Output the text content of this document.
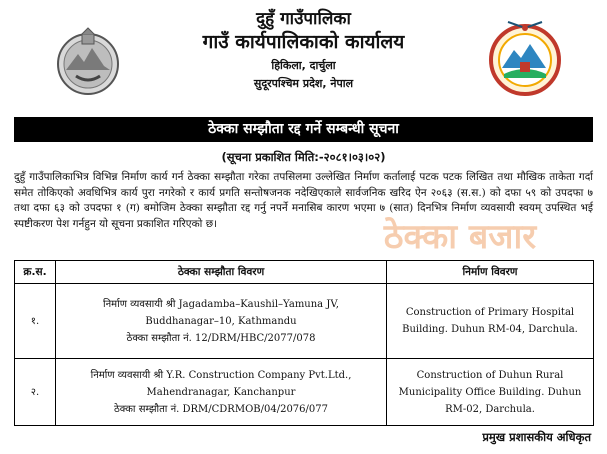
दुहुँ गाउँपालिका
गाउँ कार्यपालिकाको कार्यालय
हिकिला, दार्चुला
सुदूरपश्चिम प्रदेश, नेपाल
ठेक्का सम्झौता रद्द गर्ने सम्बन्धी सूचना
(सूचना प्रकाशित मिति:-२०८१।०३।०२)
दुहुँ गाउँपालिकाभित्र विभिन्न निर्माण कार्य गर्न ठेक्का सम्झौता गरेका तपसिलमा उल्लेखित निर्माण कर्तालाई पटक पटक लिखित तथा मौखिक ताकेता गर्दा समेत तोकिएको अवधिभित्र कार्य पुरा नगरेको र कार्य प्रगति सन्तोषजनक नदेखिएकाले सार्वजनिक खरिद ऐन २०६३ (स.स.) को दफा ५९ को उपदफा ७ तथा दफा ६३ को उपदफा १ (ग) बमोजिम ठेक्का सम्झौता रद्द गर्नु नपर्ने मनासिब कारण भएमा ७ (सात) दिनभित्र निर्माण व्यवसायी स्वयम् उपस्थित भई स्पष्टीकरण पेश गर्नहुन यो सूचना प्रकाशित गरिएको छ।	ठेक्का बजार
क्र.स.	ठेक्का सम्झौता विवरण	निर्माण विवरण
१.	निर्माण व्यवसायी श्री Jagadamba–Kaushil–Yamuna JV,
Buddhanagar–10, Kathmandu
ठेक्का सम्झौता नं. 12/DRM/HBC/2077/078	Construction of Primary Hospital
Building. Duhun RM-04, Darchula.

२.	निर्माण व्यवसायी श्री Y.R. Construction Company Pvt.Ltd.,
Mahendranagar, Kanchanpur
ठेक्का सम्झौता नं. DRM/CDRMOB/04/2076/077	Construction of Duhun Rural
Municipality Office Building. Duhun
RM-02, Darchula.
प्रमुख प्रशासकीय अधिकृत
